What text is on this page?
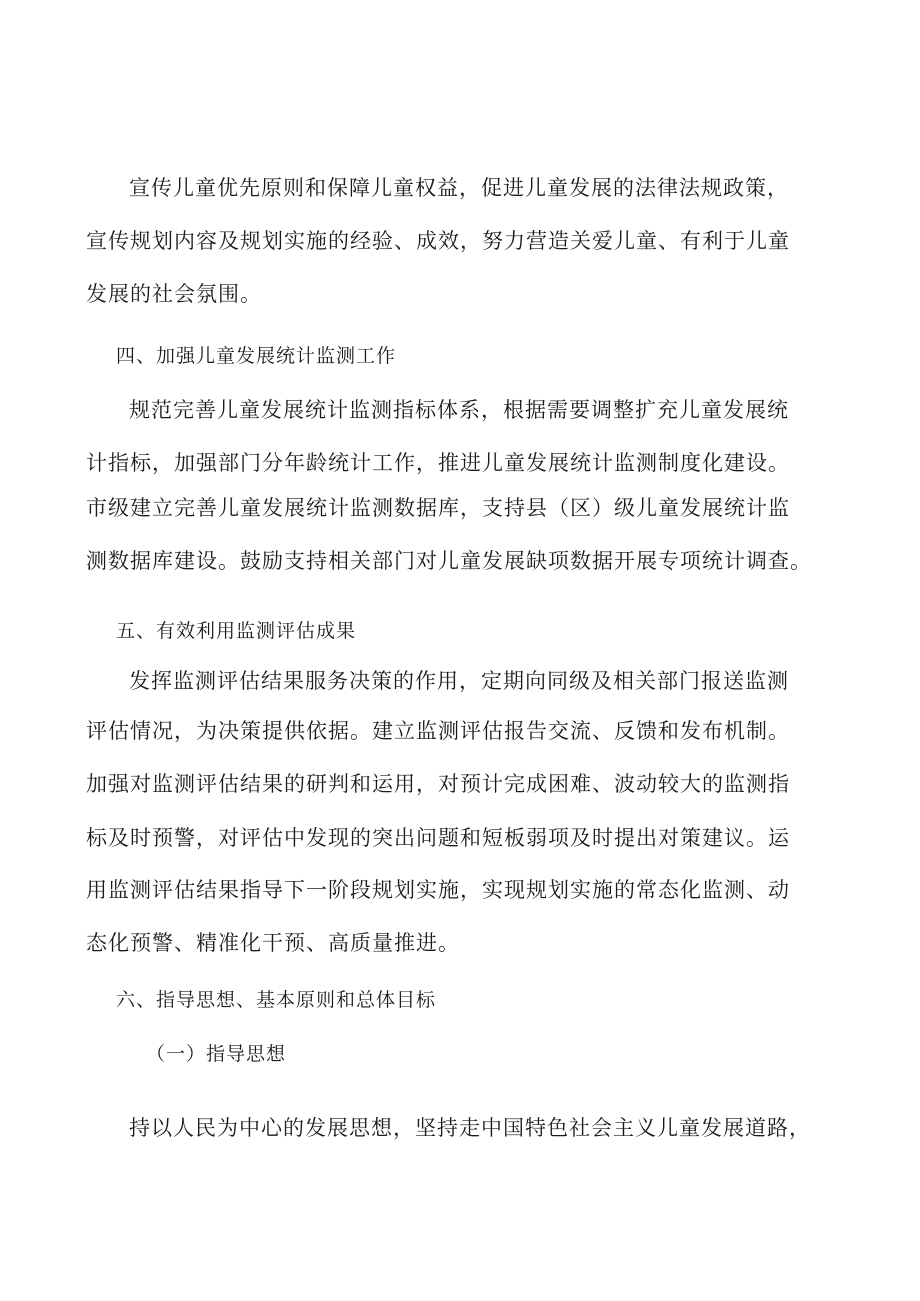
宣传儿童优先原则和保障儿童权益，促进儿童发展的法律法规政策，
宣传规划内容及规划实施的经验、成效，努力营造关爱儿童、有利于儿童
发展的社会氛围。
四、加强儿童发展统计监测工作
规范完善儿童发展统计监测指标体系，根据需要调整扩充儿童发展统
计指标，加强部门分年龄统计工作，推进儿童发展统计监测制度化建设。
市级建立完善儿童发展统计监测数据库，支持县（区）级儿童发展统计监
测数据库建设。鼓励支持相关部门对儿童发展缺项数据开展专项统计调查。
五、有效利用监测评估成果
发挥监测评估结果服务决策的作用，定期向同级及相关部门报送监测
评估情况，为决策提供依据。建立监测评估报告交流、反馈和发布机制。
加强对监测评估结果的研判和运用，对预计完成困难、波动较大的监测指
标及时预警，对评估中发现的突出问题和短板弱项及时提出对策建议。运
用监测评估结果指导下一阶段规划实施，实现规划实施的常态化监测、动
态化预警、精准化干预、高质量推进。
六、指导思想、基本原则和总体目标
（一）指导思想
持以人民为中心的发展思想，坚持走中国特色社会主义儿童发展道路，
